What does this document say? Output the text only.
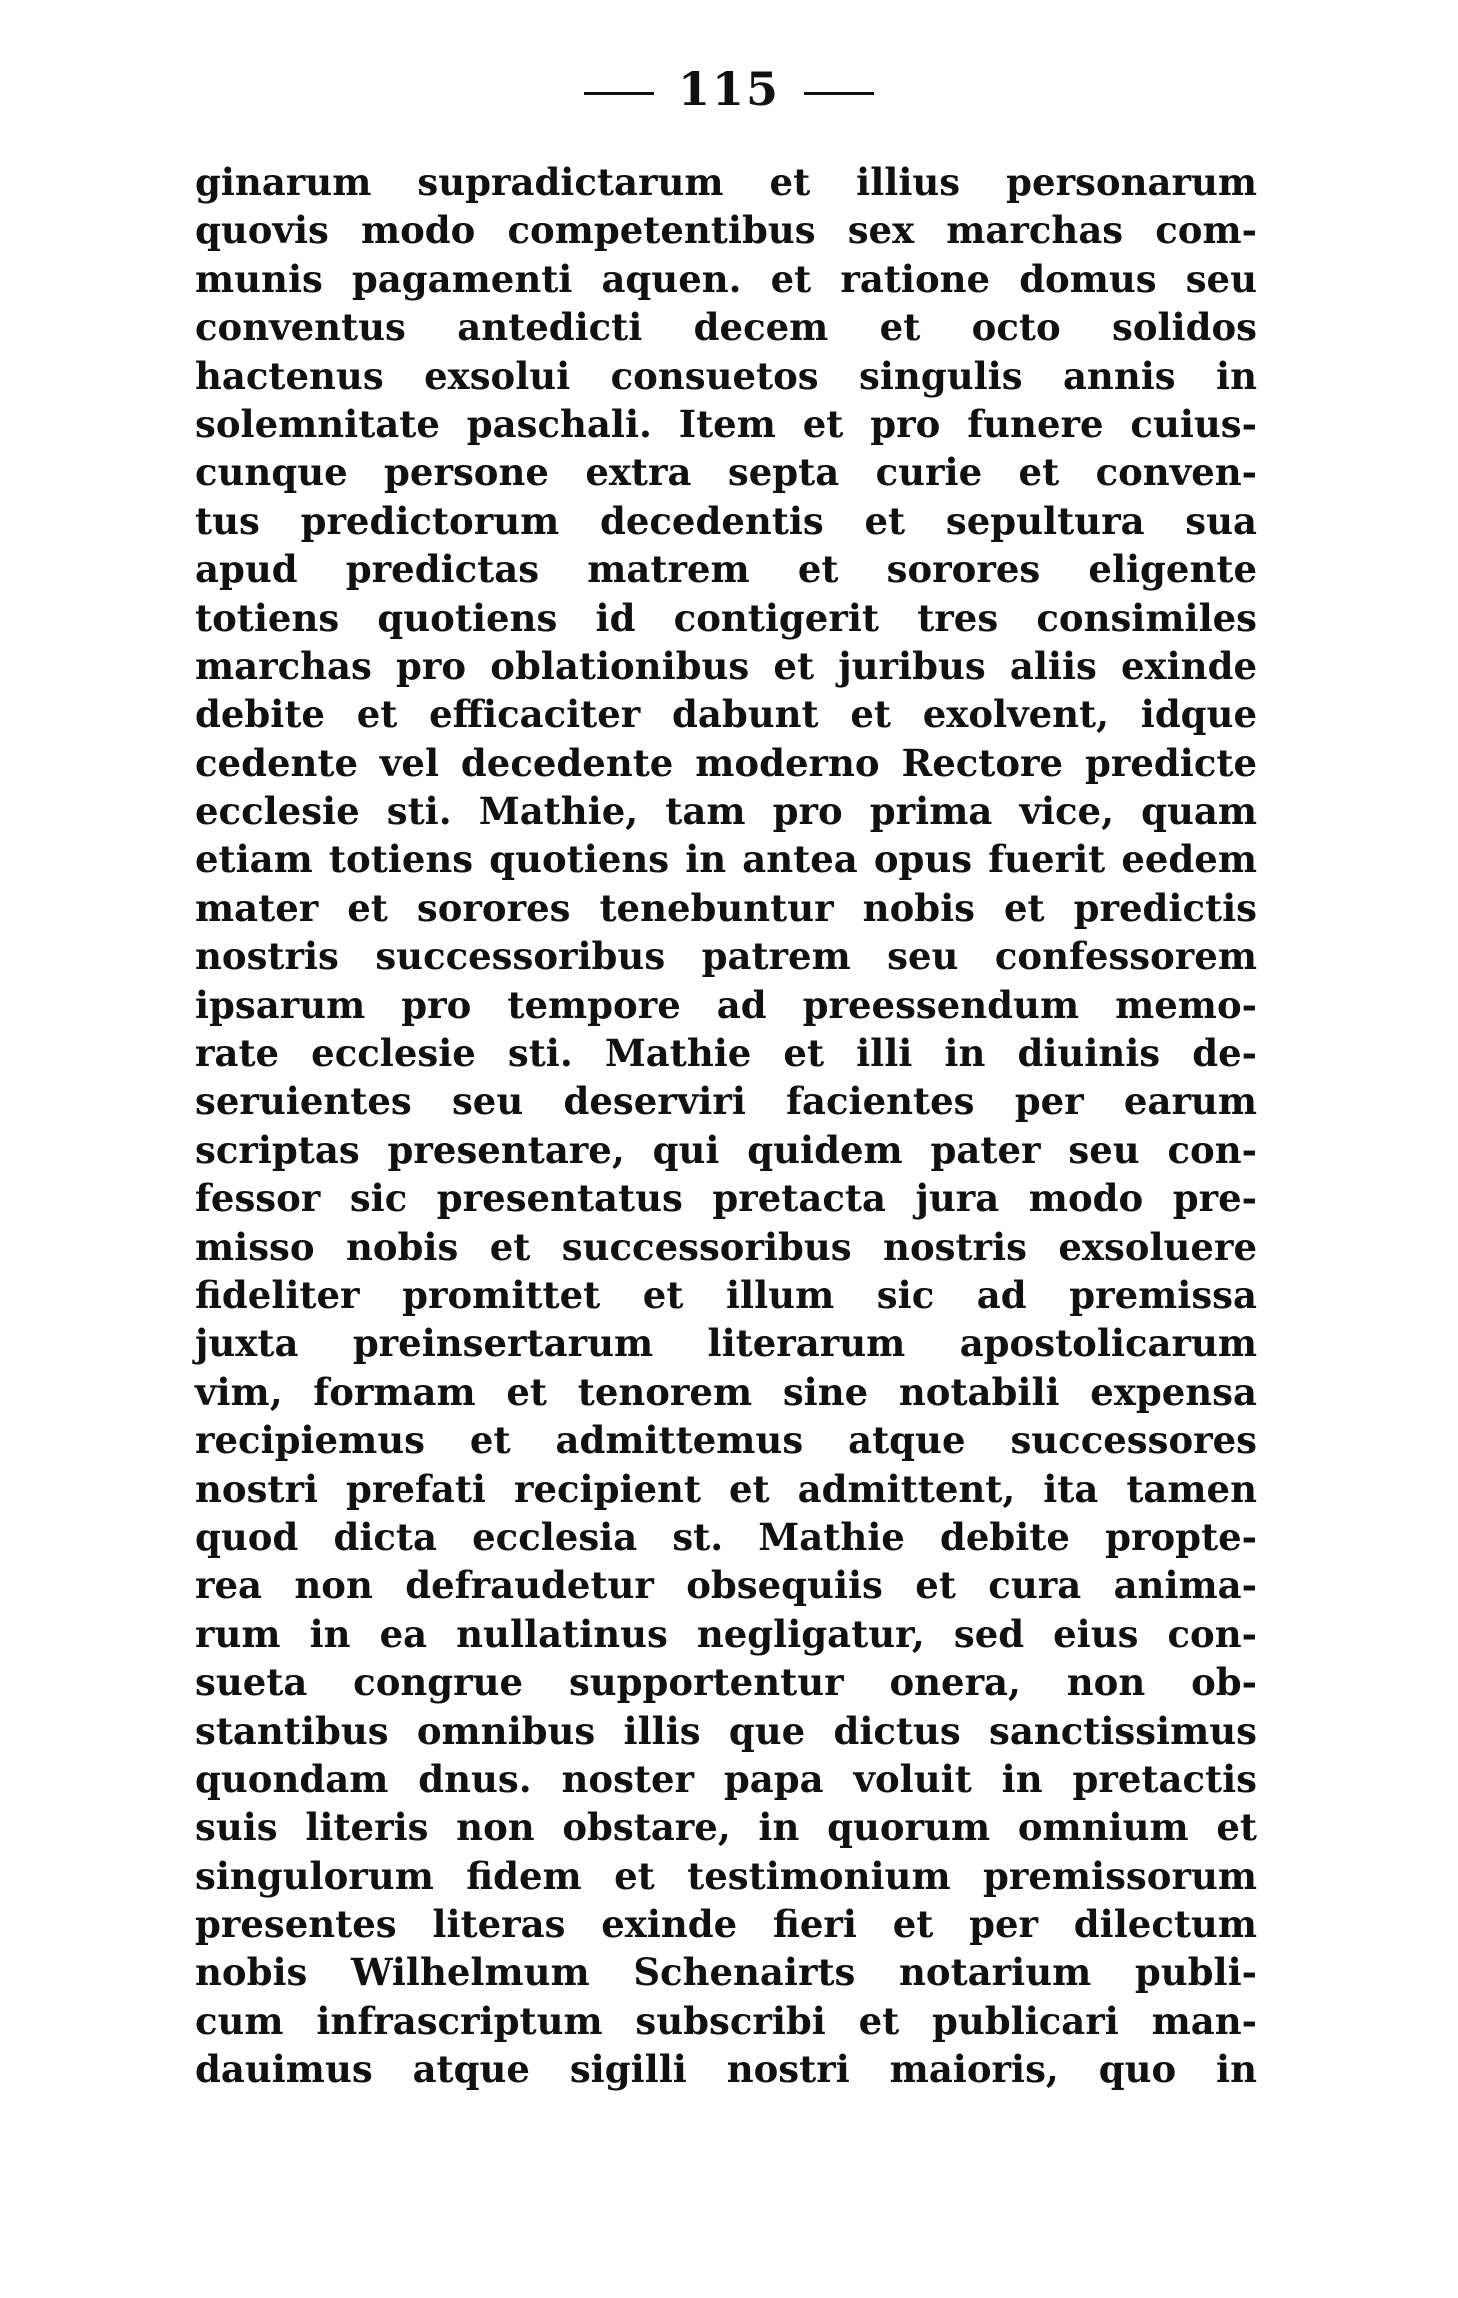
115
ginarum supradictarum et illius personarum
quovis modo competentibus sex marchas com-
munis pagamenti aquen. et ratione domus seu
conventus antedicti decem et octo solidos
hactenus exsolui consuetos singulis annis in
solemnitate paschali. Item et pro funere cuius-
cunque persone extra septa curie et conven-
tus predictorum decedentis et sepultura sua
apud predictas matrem et sorores eligente
totiens quotiens id contigerit tres consimiles
marchas pro oblationibus et juribus aliis exinde
debite et efficaciter dabunt et exolvent, idque
cedente vel decedente moderno Rectore predicte
ecclesie sti. Mathie, tam pro prima vice, quam
etiam totiens quotiens in antea opus fuerit eedem
mater et sorores tenebuntur nobis et predictis
nostris successoribus patrem seu confessorem
ipsarum pro tempore ad preessendum memo-
rate ecclesie sti. Mathie et illi in diuinis de-
seruientes seu deserviri facientes per earum
scriptas presentare, qui quidem pater seu con-
fessor sic presentatus pretacta jura modo pre-
misso nobis et successoribus nostris exsoluere
fideliter promittet et illum sic ad premissa
juxta preinsertarum literarum apostolicarum
vim, formam et tenorem sine notabili expensa
recipiemus et admittemus atque successores
nostri prefati recipient et admittent, ita tamen
quod dicta ecclesia st. Mathie debite propte-
rea non defraudetur obsequiis et cura anima-
rum in ea nullatinus negligatur, sed eius con-
sueta congrue supportentur onera, non ob-
stantibus omnibus illis que dictus sanctissimus
quondam dnus. noster papa voluit in pretactis
suis literis non obstare, in quorum omnium et
singulorum fidem et testimonium premissorum
presentes literas exinde fieri et per dilectum
nobis Wilhelmum Schenairts notarium publi-
cum infrascriptum subscribi et publicari man-
dauimus atque sigilli nostri maioris, quo in
